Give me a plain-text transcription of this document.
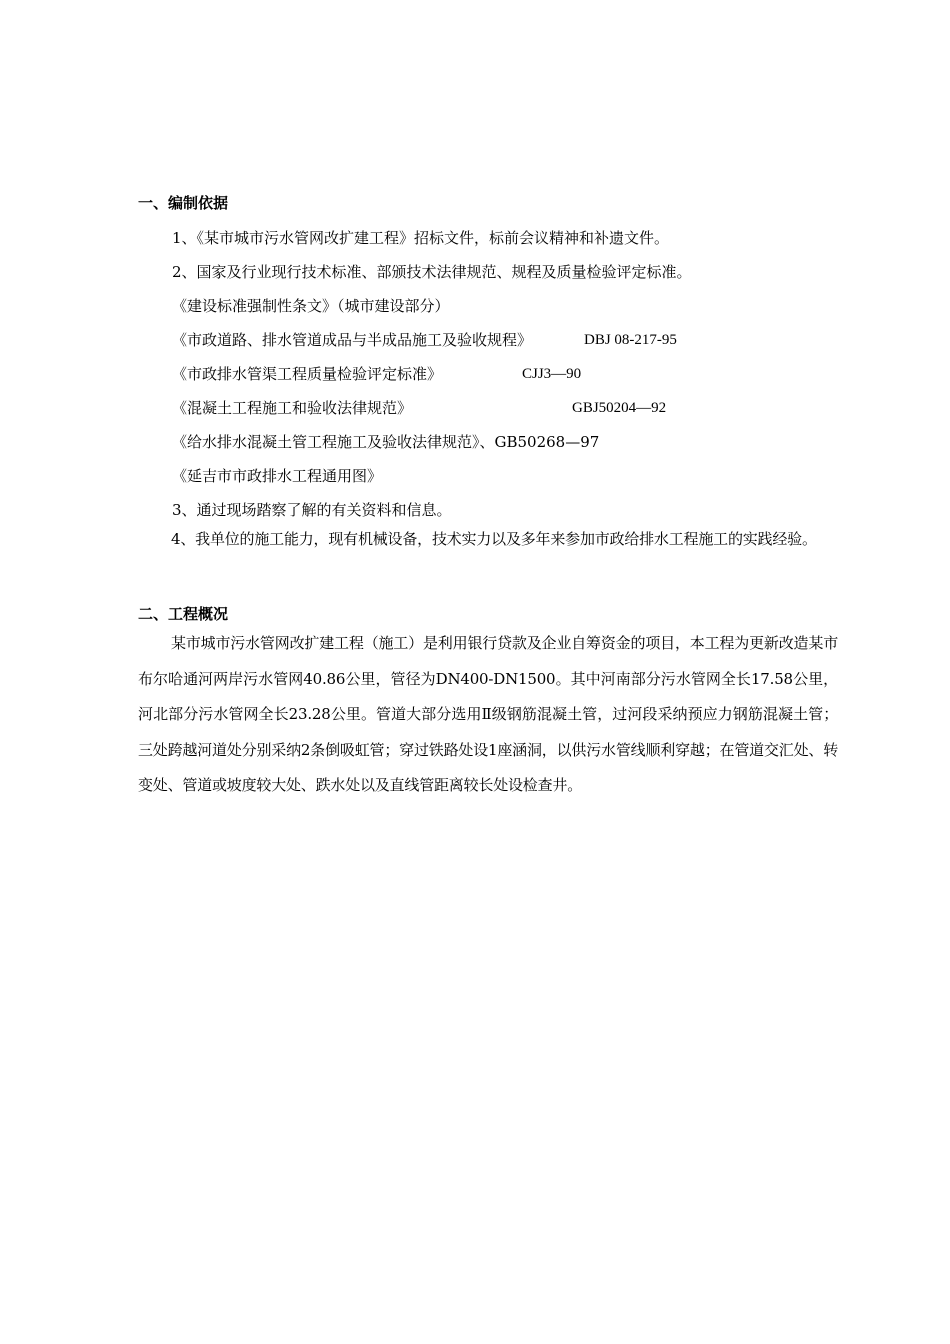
一、编制依据
1、《某市城市污水管网改扩建工程》招标文件，标前会议精神和补遗文件。
2、国家及行业现行技术标准、部颁技术法律规范、规程及质量检验评定标准。
《建设标准强制性条文》（城市建设部分）
《市政道路、排水管道成品与半成品施工及验收规程》	DBJ 08-217-95
《市政排水管渠工程质量检验评定标准》	CJJ3—90
《混凝土工程施工和验收法律规范》	GBJ50204—92
《给水排水混凝土管工程施工及验收法律规范》、GB50268—97
《延吉市市政排水工程通用图》
3、通过现场踏察了解的有关资料和信息。
4、我单位的施工能力，现有机械设备，技术实力以及多年来参加市政给排水工程施工的实践经验。
二、工程概况
某市城市污水管网改扩建工程（施工）是利用银行贷款及企业自筹资金的项目，本工程为更新改造某市布尔哈通河两岸污水管网40.86公里，管径为DN400-DN1500。其中河南部分污水管网全长17.58公里，河北部分污水管网全长23.28公里。管道大部分选用Ⅱ级钢筋混凝土管，过河段采纳预应力钢筋混凝土管；三处跨越河道处分别采纳2条倒吸虹管；穿过铁路处设1座涵洞，以供污水管线顺利穿越；在管道交汇处、转变处、管道或坡度较大处、跌水处以及直线管距离较长处设检查井。
